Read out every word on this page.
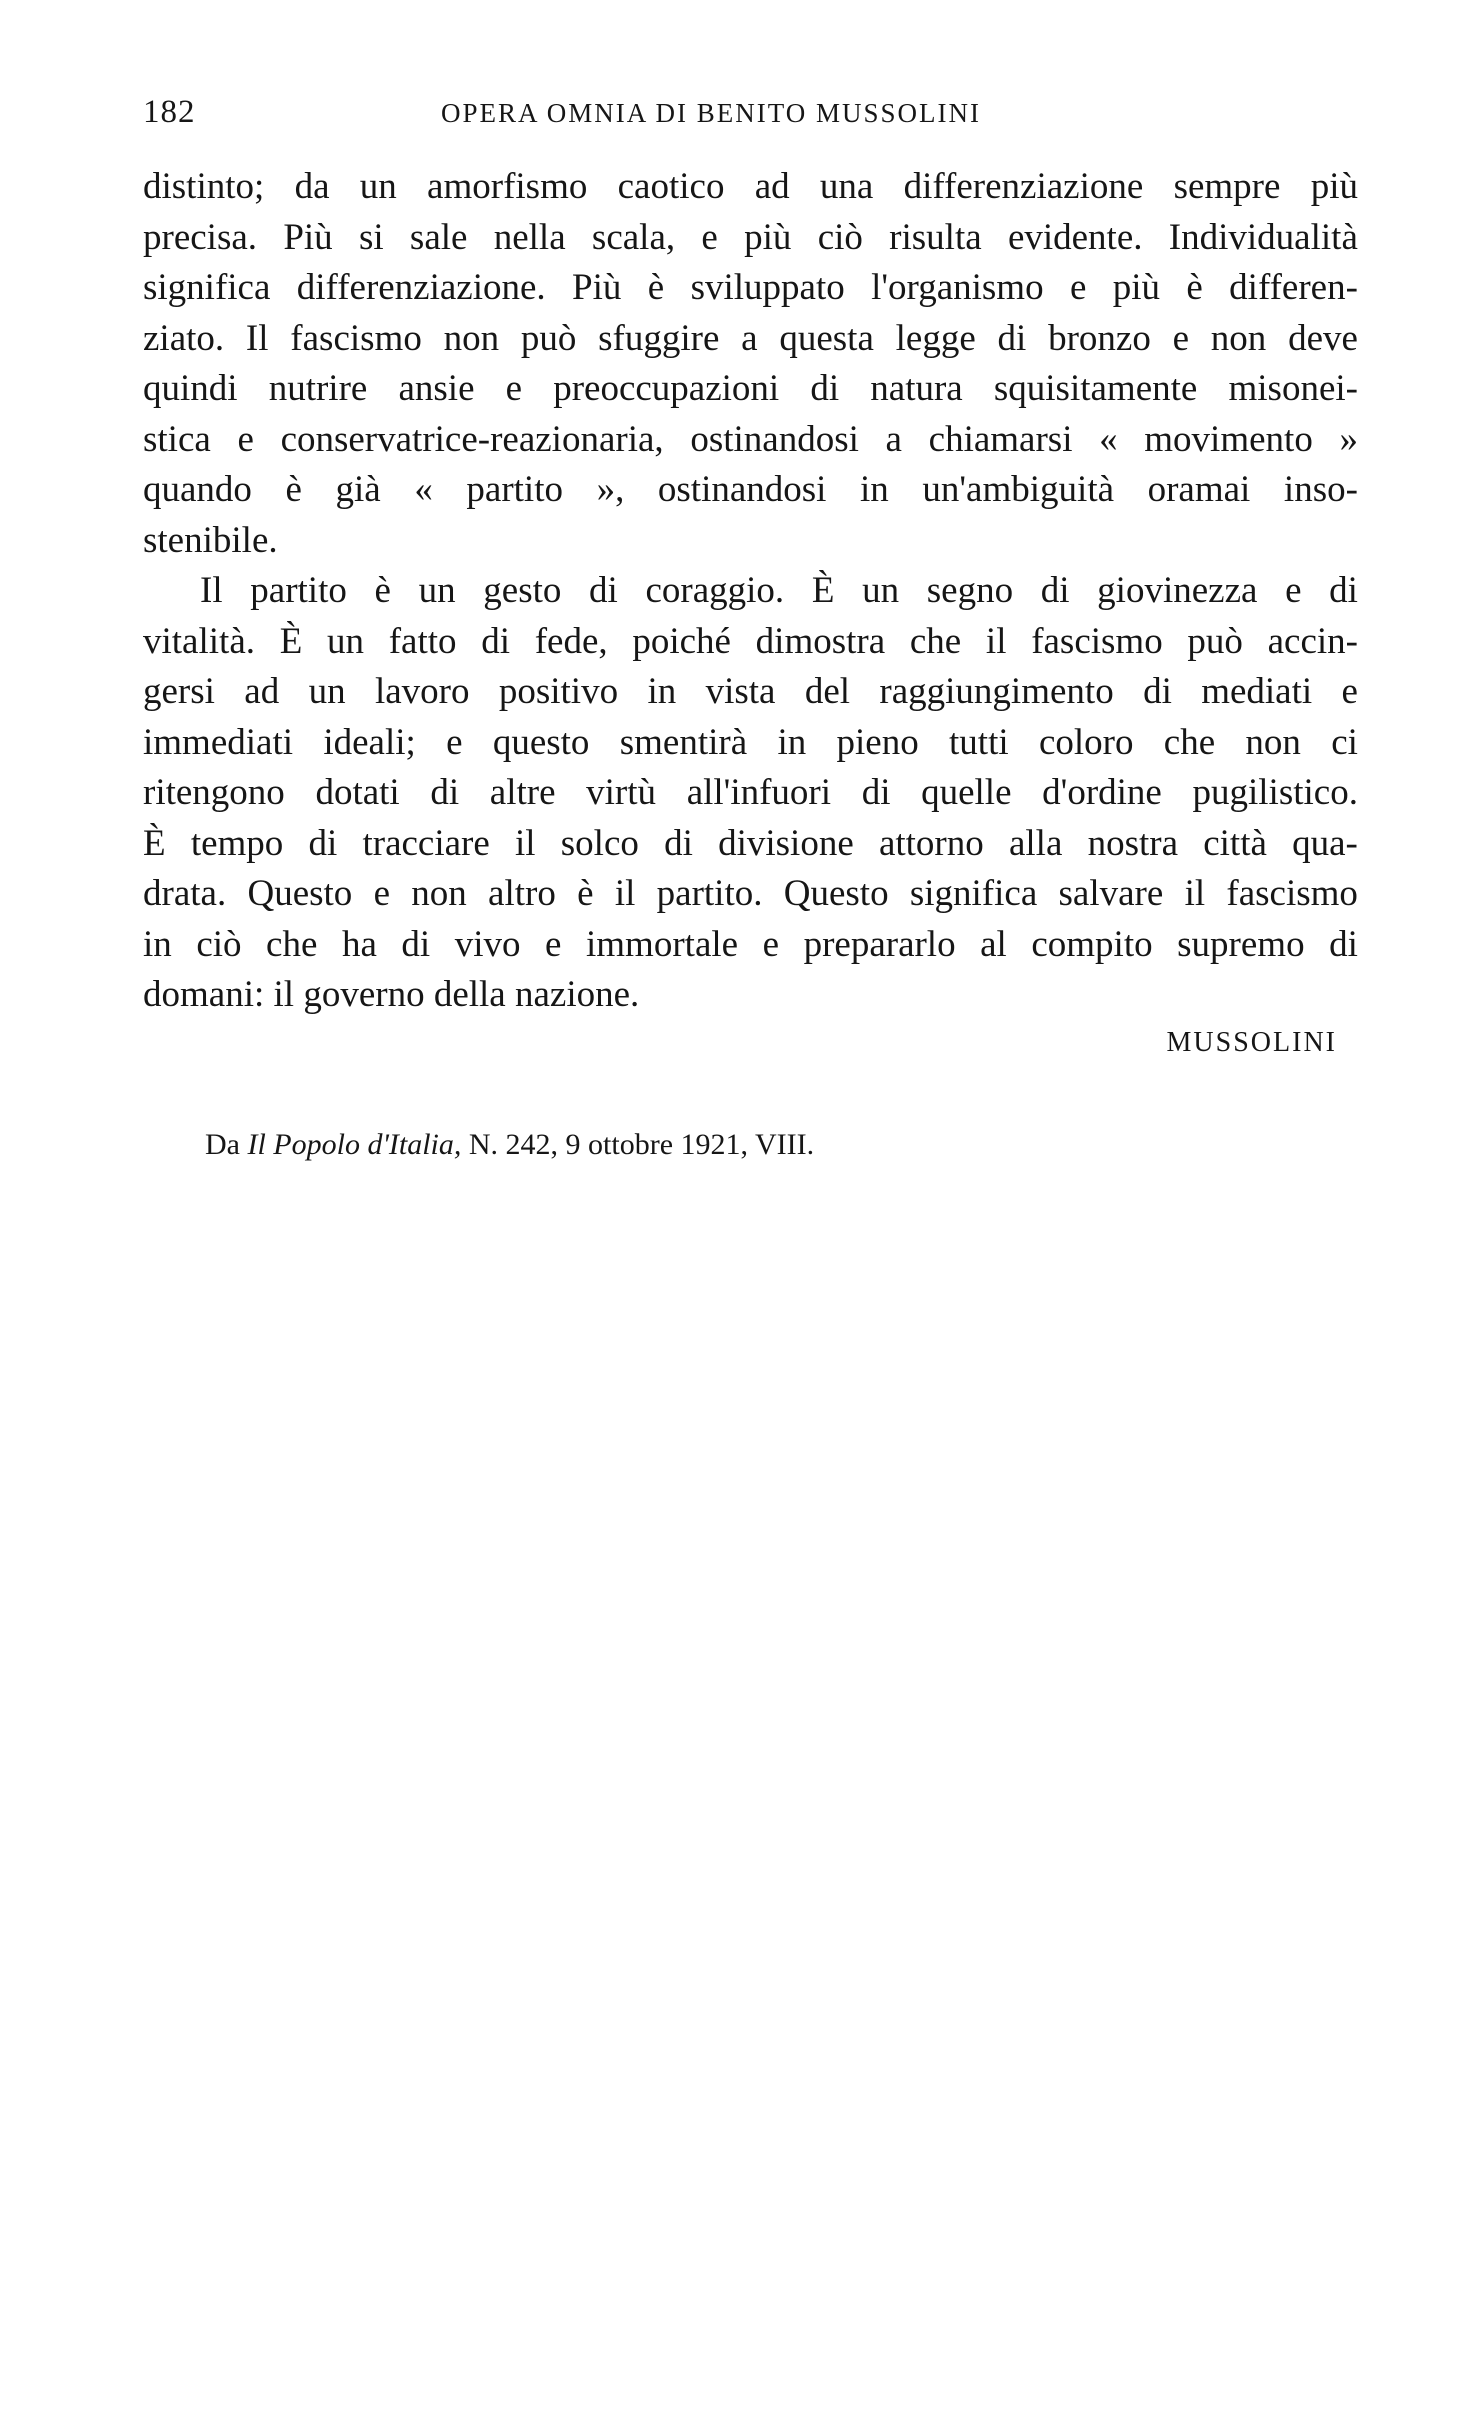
182	OPERA OMNIA DI BENITO MUSSOLINI
distinto; da un amorfismo caotico ad una differenziazione sempre più
precisa. Più si sale nella scala, e più ciò risulta evidente. Individualità
significa differenziazione. Più è sviluppato l'organismo e più è differen-
ziato. Il fascismo non può sfuggire a questa legge di bronzo e non deve
quindi nutrire ansie e preoccupazioni di natura squisitamente misonei-
stica e conservatrice-reazionaria, ostinandosi a chiamarsi « movimento »
quando è già « partito », ostinandosi in un'ambiguità oramai inso-
stenibile.
Il partito è un gesto di coraggio. È un segno di giovinezza e di
vitalità. È un fatto di fede, poiché dimostra che il fascismo può accin-
gersi ad un lavoro positivo in vista del raggiungimento di mediati e
immediati ideali; e questo smentirà in pieno tutti coloro che non ci
ritengono dotati di altre virtù all'infuori di quelle d'ordine pugilistico.
È tempo di tracciare il solco di divisione attorno alla nostra città qua-
drata. Questo e non altro è il partito. Questo significa salvare il fascismo
in ciò che ha di vivo e immortale e prepararlo al compito supremo di
domani: il governo della nazione.
MUSSOLINI
Da Il Popolo d'Italia, N. 242, 9 ottobre 1921, VIII.
